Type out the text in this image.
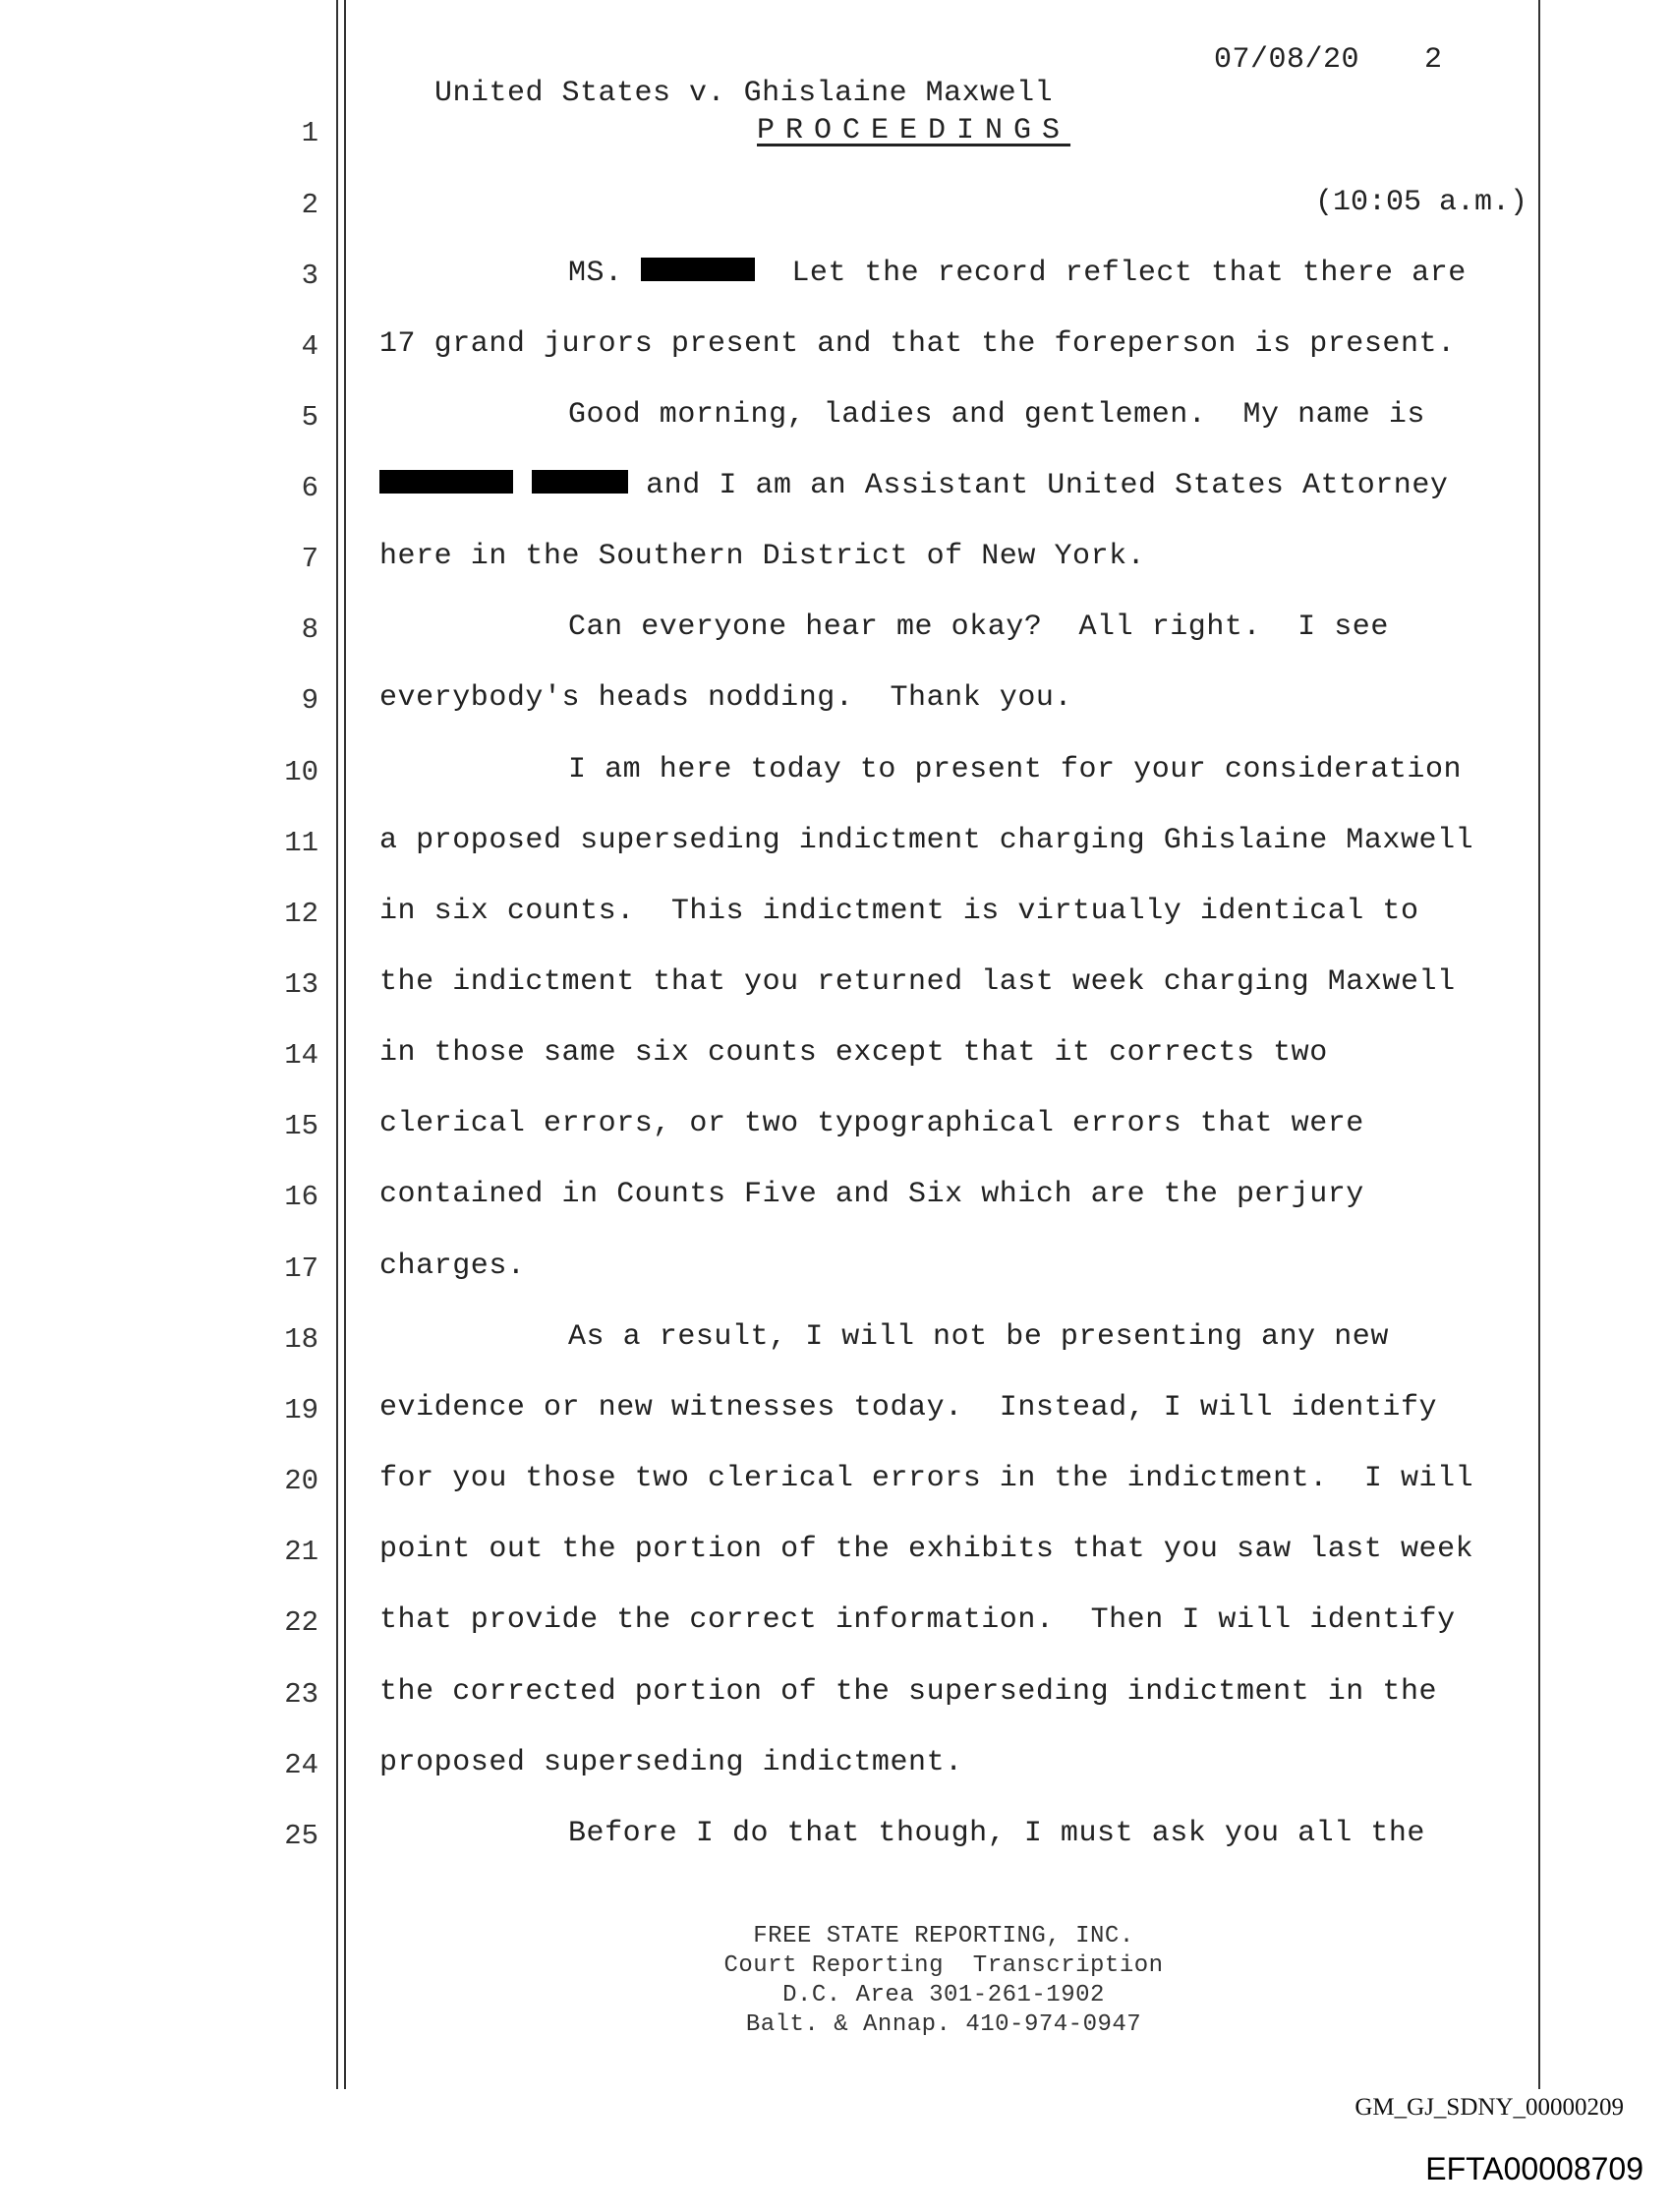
United States v. Ghislaine Maxwell

07/08/20

2

1
2
3
4
5
6
7
8
9
10
11
12
13
14
15
16
17
18
19
20
21
22
23
24
25
PROCEEDINGS
(10:05 a.m.)
MS.	Let the record reflect that there are
17 grand jurors present and that the foreperson is present.
Good morning, ladies and gentlemen.  My name is
and I am an Assistant United States Attorney
here in the Southern District of New York.
Can everyone hear me okay?  All right.  I see
everybody's heads nodding.  Thank you.
I am here today to present for your consideration
a proposed superseding indictment charging Ghislaine Maxwell
in six counts.  This indictment is virtually identical to
the indictment that you returned last week charging Maxwell
in those same six counts except that it corrects two
clerical errors, or two typographical errors that were
contained in Counts Five and Six which are the perjury
charges.
As a result, I will not be presenting any new
evidence or new witnesses today.  Instead, I will identify
for you those two clerical errors in the indictment.  I will
point out the portion of the exhibits that you saw last week
that provide the correct information.  Then I will identify
the corrected portion of the superseding indictment in the
proposed superseding indictment.
Before I do that though, I must ask you all the
FREE STATE REPORTING, INC.
Court Reporting  Transcription
D.C. Area 301-261-1902
Balt. & Annap. 410-974-0947
GM_GJ_SDNY_00000209
EFTA00008709
